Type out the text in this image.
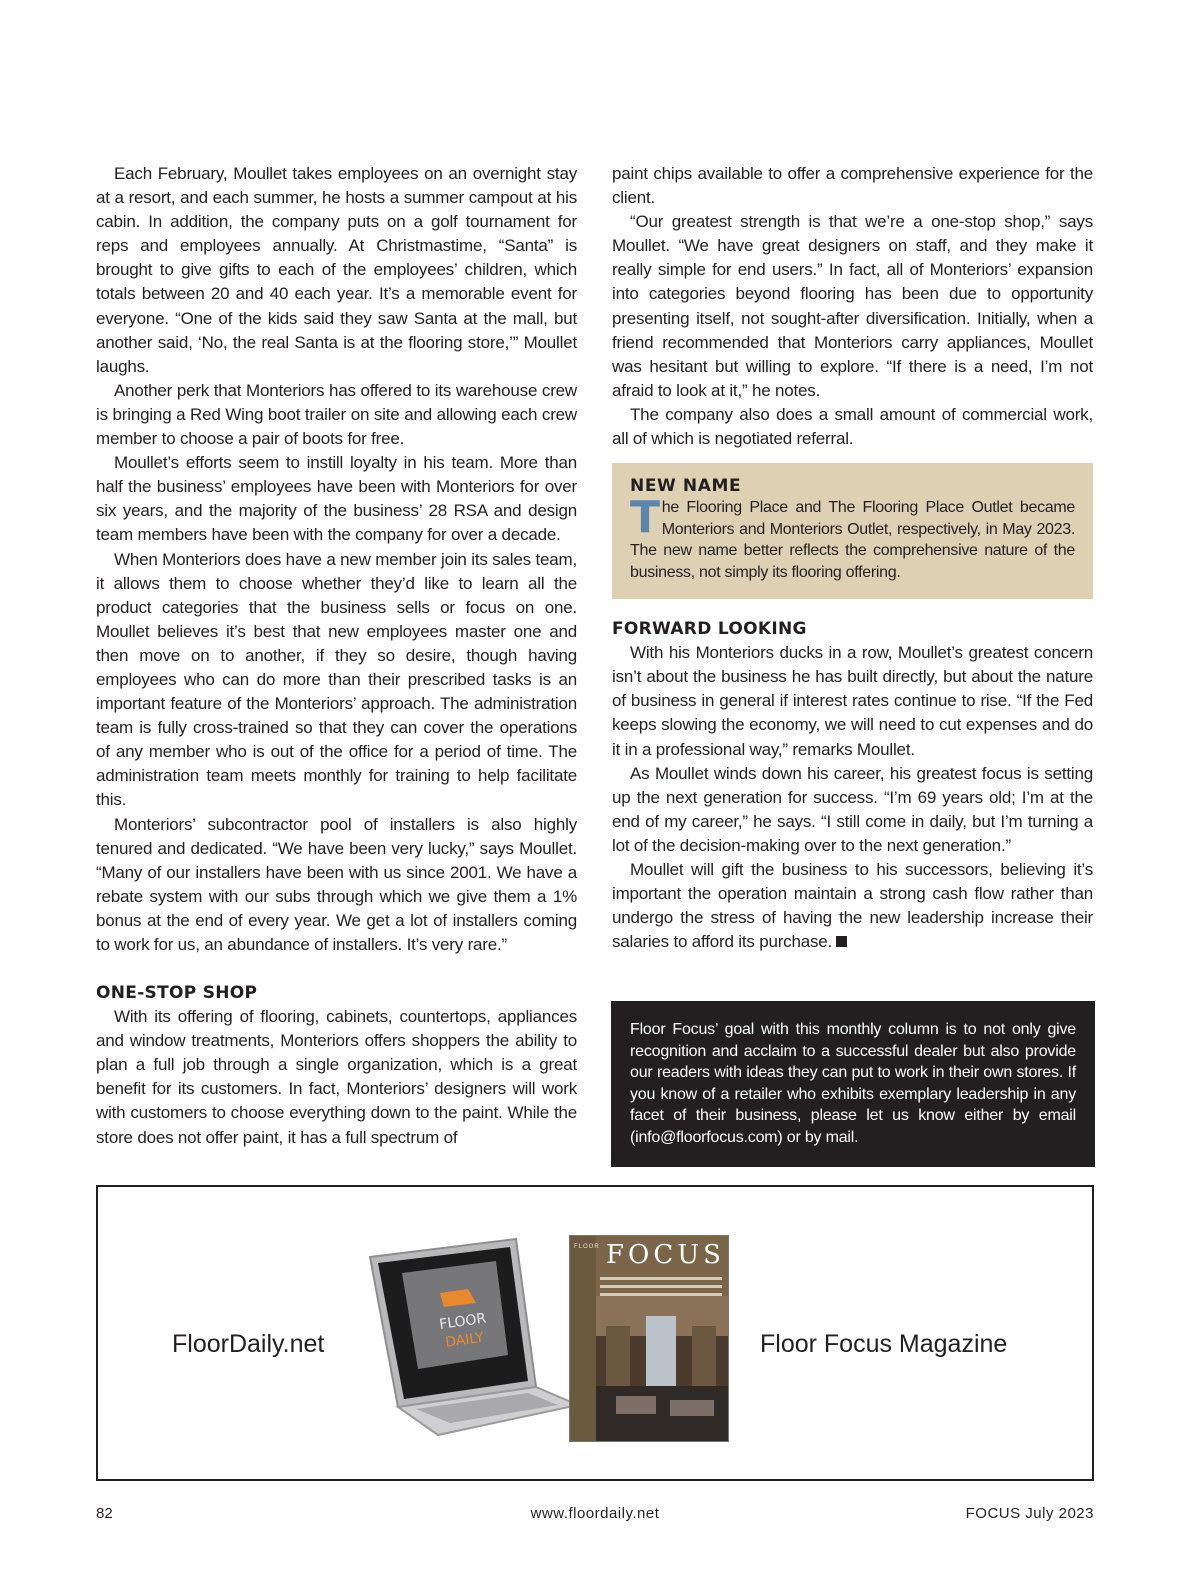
Each February, Moullet takes employees on an overnight stay at a resort, and each summer, he hosts a summer campout at his cabin. In addition, the company puts on a golf tournament for reps and employees annually. At Christmastime, “Santa” is brought to give gifts to each of the employees’ children, which totals between 20 and 40 each year. It’s a memorable event for everyone. “One of the kids said they saw Santa at the mall, but another said, ‘No, the real Santa is at the flooring store,’” Moullet laughs.

Another perk that Monteriors has offered to its warehouse crew is bringing a Red Wing boot trailer on site and allowing each crew member to choose a pair of boots for free.

Moullet’s efforts seem to instill loyalty in his team. More than half the business’ employees have been with Monteriors for over six years, and the majority of the business’ 28 RSA and design team members have been with the company for over a decade.

When Monteriors does have a new member join its sales team, it allows them to choose whether they’d like to learn all the product categories that the business sells or focus on one. Moullet believes it’s best that new employees master one and then move on to another, if they so desire, though having employees who can do more than their prescribed tasks is an important feature of the Monteriors’ approach. The administration team is fully cross-trained so that they can cover the operations of any member who is out of the office for a period of time. The administration team meets monthly for training to help facilitate this.

Monteriors’ subcontractor pool of installers is also highly tenured and dedicated. “We have been very lucky,” says Moullet. “Many of our installers have been with us since 2001. We have a rebate system with our subs through which we give them a 1% bonus at the end of every year. We get a lot of installers coming to work for us, an abundance of installers. It’s very rare.”

ONE-STOP SHOP

With its offering of flooring, cabinets, countertops, appliances and window treatments, Monteriors offers shoppers the ability to plan a full job through a single organization, which is a great benefit for its customers. In fact, Monteriors’ designers will work with customers to choose everything down to the paint. While the store does not offer paint, it has a full spectrum of

paint chips available to offer a comprehensive experience for the client.

“Our greatest strength is that we’re a one-stop shop,” says Moullet. “We have great designers on staff, and they make it really simple for end users.” In fact, all of Monteriors’ expansion into categories beyond flooring has been due to opportunity presenting itself, not sought-after diversification. Initially, when a friend recommended that Monteriors carry appliances, Moullet was hesitant but willing to explore. “If there is a need, I’m not afraid to look at it,” he notes.

The company also does a small amount of commercial work, all of which is negotiated referral.

NEW NAME
T he Flooring Place and The Flooring Place Outlet became Monteriors and Monteriors Outlet, respectively, in May 2023. The new name better reflects the comprehensive nature of the business, not simply its flooring offering.
FORWARD LOOKING

With his Monteriors ducks in a row, Moullet’s greatest concern isn’t about the business he has built directly, but about the nature of business in general if interest rates continue to rise. “If the Fed keeps slowing the economy, we will need to cut expenses and do it in a professional way,” remarks Moullet.

As Moullet winds down his career, his greatest focus is setting up the next generation for success. “I’m 69 years old; I’m at the end of my career,” he says. “I still come in daily, but I’m turning a lot of the decision-making over to the next generation.”

Moullet will gift the business to his successors, believing it’s important the operation maintain a strong cash flow rather than undergo the stress of having the new leadership increase their salaries to afford its purchase.

Floor Focus’ goal with this monthly column is to not only give recognition and acclaim to a successful dealer but also provide our readers with ideas they can put to work in their own stores. If you know of a retailer who exhibits exemplary leadership in any facet of their business, please let us know either by email (info@floorfocus.com) or by mail.
FloorDaily.net
FLOOR
DAILY
FLOOR FOCUS
Floor Focus Magazine
82	www.floordaily.net	FOCUS July 2023
